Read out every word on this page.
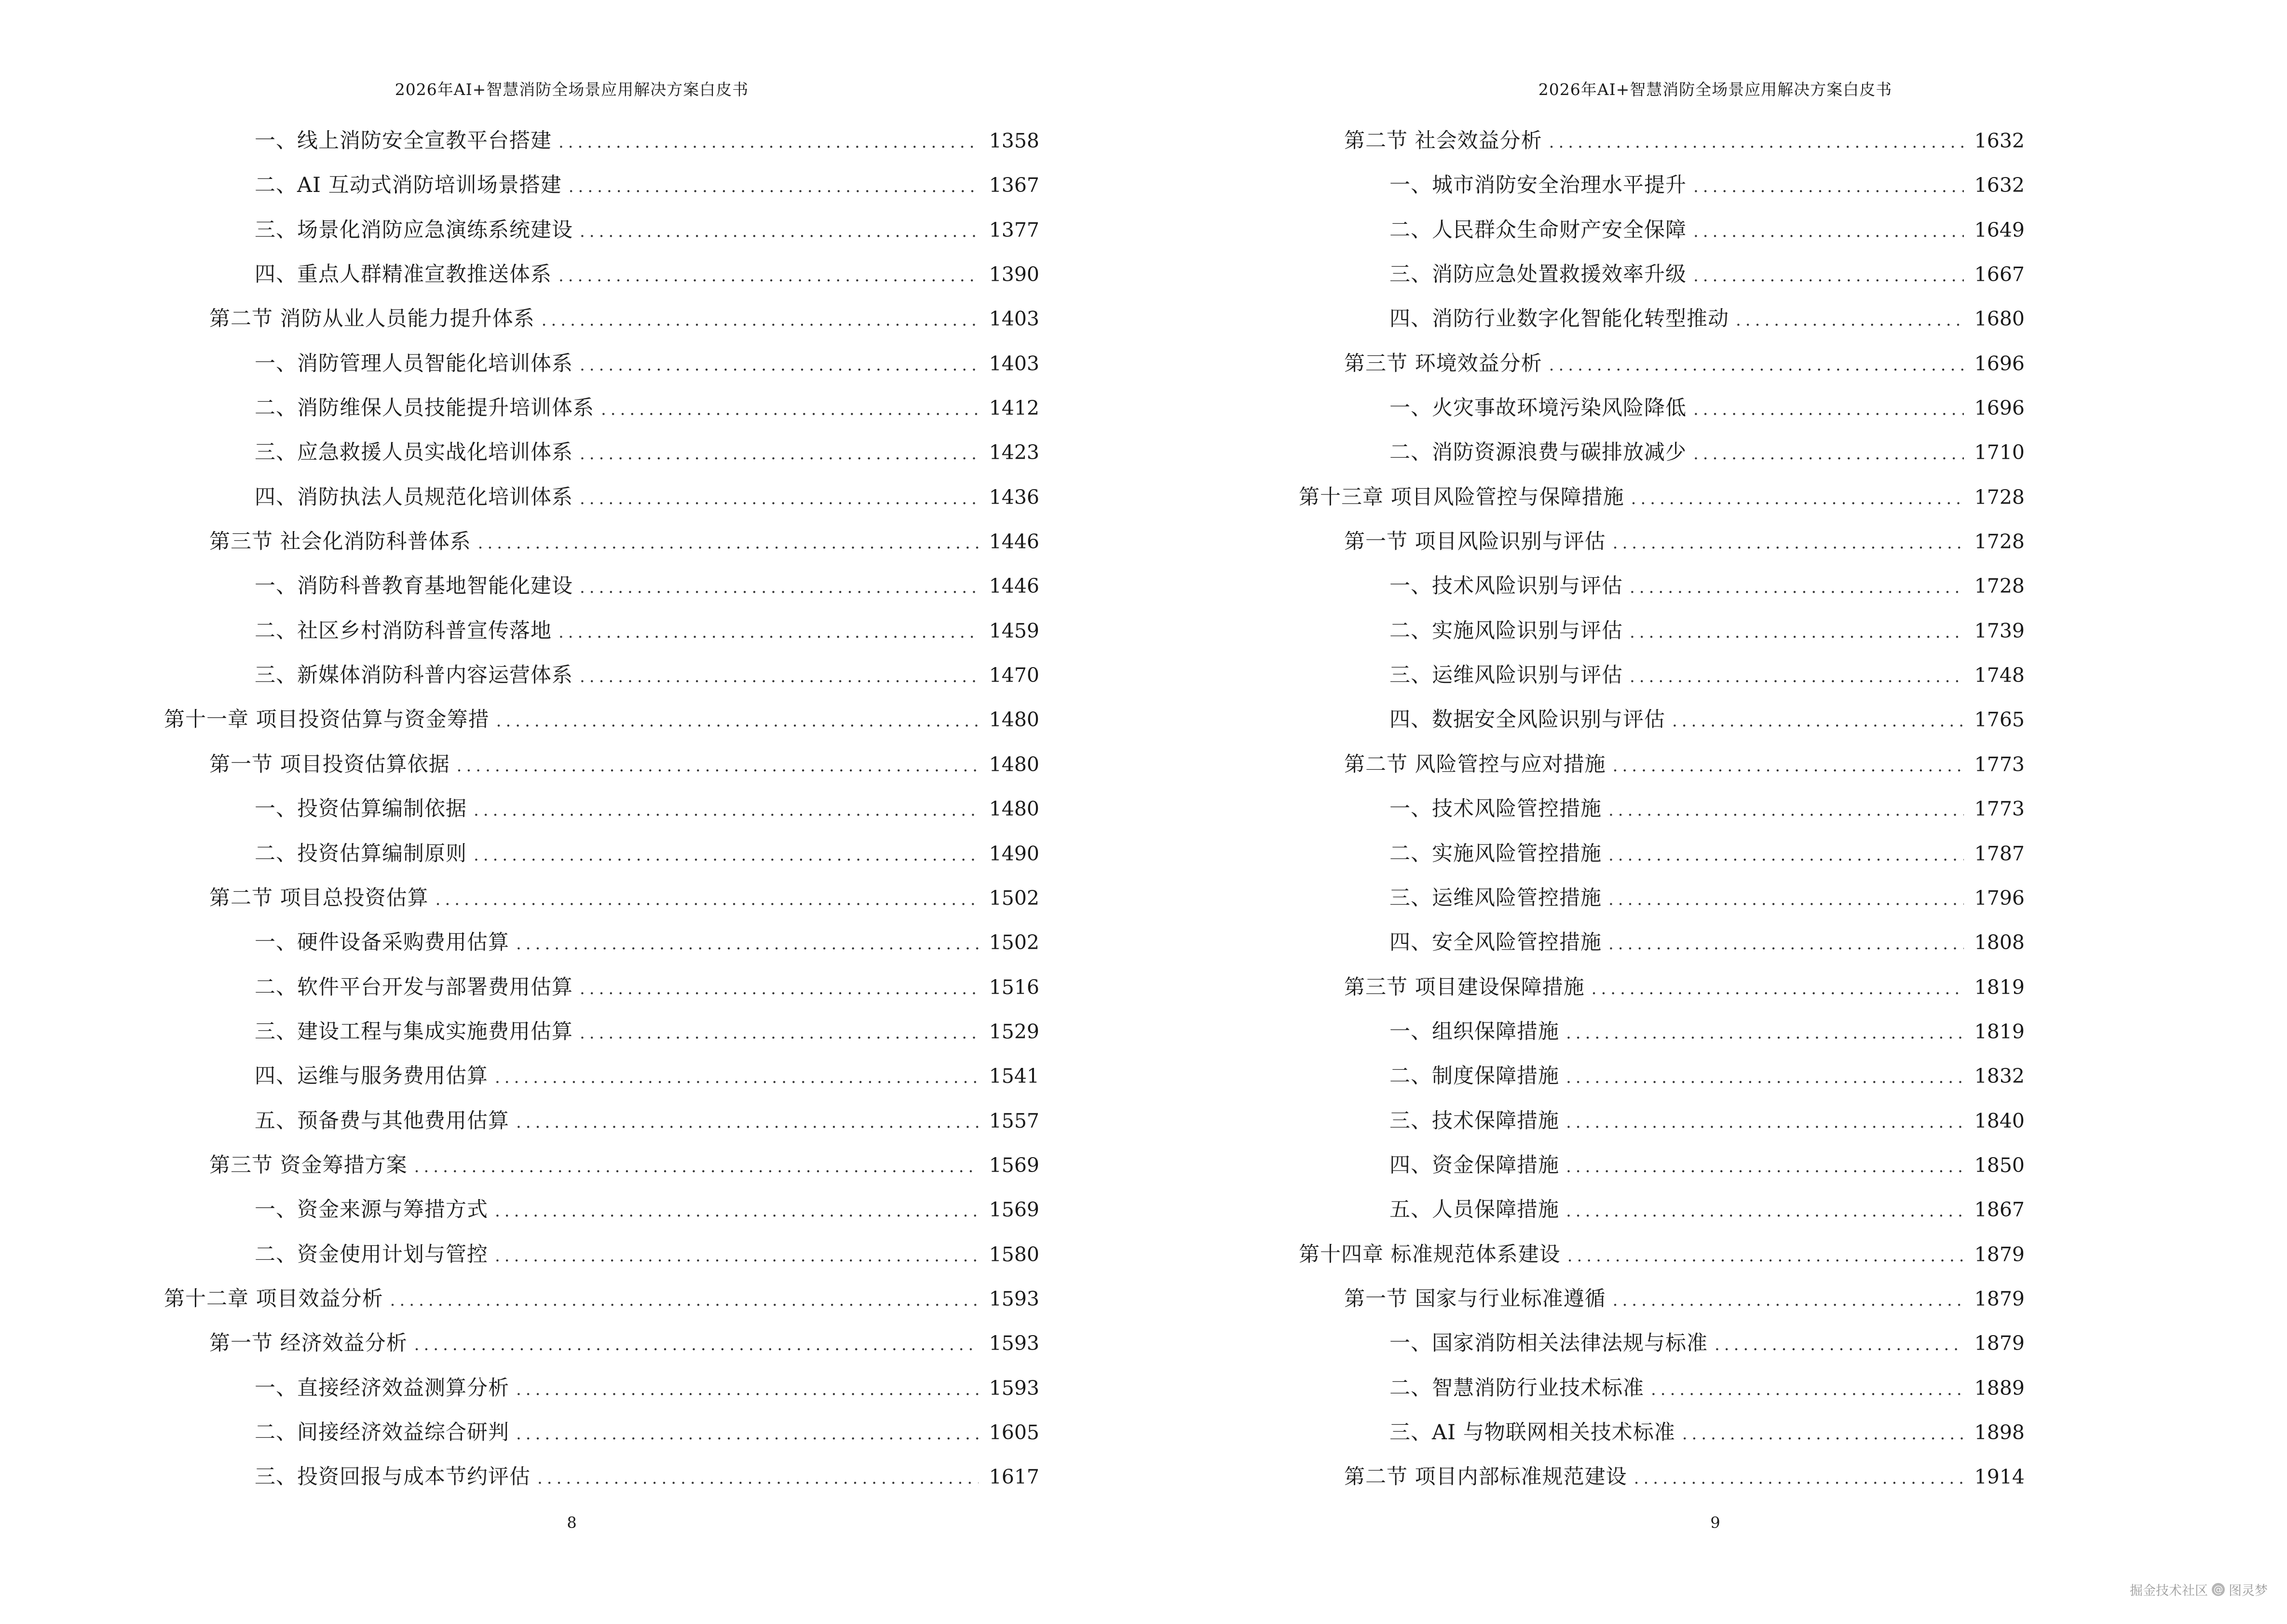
2026年AI+智慧消防全场景应用解决方案白皮书
一、线上消防安全宣教平台搭建 .....	1358
二、AI 互动式消防培训场景搭建 .....	1367
三、场景化消防应急演练系统建设 .....	1377
四、重点人群精准宣教推送体系 .....	1390
第二节 消防从业人员能力提升体系 .....	1403
一、消防管理人员智能化培训体系 .....	1403
二、消防维保人员技能提升培训体系 .....	1412
三、应急救援人员实战化培训体系 .....	1423
四、消防执法人员规范化培训体系 .....	1436
第三节 社会化消防科普体系 .....	1446
一、消防科普教育基地智能化建设 .....	1446
二、社区乡村消防科普宣传落地 .....	1459
三、新媒体消防科普内容运营体系 .....	1470
第十一章 项目投资估算与资金筹措 .....	1480
第一节 项目投资估算依据 .....	1480
一、投资估算编制依据 .....	1480
二、投资估算编制原则 .....	1490
第二节 项目总投资估算 .....	1502
一、硬件设备采购费用估算 .....	1502
二、软件平台开发与部署费用估算 .....	1516
三、建设工程与集成实施费用估算 .....	1529
四、运维与服务费用估算 .....	1541
五、预备费与其他费用估算 .....	1557
第三节 资金筹措方案 .....	1569
一、资金来源与筹措方式 .....	1569
二、资金使用计划与管控 .....	1580
第十二章 项目效益分析 .....	1593
第一节 经济效益分析 .....	1593
一、直接经济效益测算分析 .....	1593
二、间接经济效益综合研判 .....	1605
三、投资回报与成本节约评估 .....	1617
8
2026年AI+智慧消防全场景应用解决方案白皮书
第二节 社会效益分析 .....	1632
一、城市消防安全治理水平提升 .....	1632
二、人民群众生命财产安全保障 .....	1649
三、消防应急处置救援效率升级 .....	1667
四、消防行业数字化智能化转型推动 .....	1680
第三节 环境效益分析 .....	1696
一、火灾事故环境污染风险降低 .....	1696
二、消防资源浪费与碳排放减少 .....	1710
第十三章 项目风险管控与保障措施 .....	1728
第一节 项目风险识别与评估 .....	1728
一、技术风险识别与评估 .....	1728
二、实施风险识别与评估 .....	1739
三、运维风险识别与评估 .....	1748
四、数据安全风险识别与评估 .....	1765
第二节 风险管控与应对措施 .....	1773
一、技术风险管控措施 .....	1773
二、实施风险管控措施 .....	1787
三、运维风险管控措施 .....	1796
四、安全风险管控措施 .....	1808
第三节 项目建设保障措施 .....	1819
一、组织保障措施 .....	1819
二、制度保障措施 .....	1832
三、技术保障措施 .....	1840
四、资金保障措施 .....	1850
五、人员保障措施 .....	1867
第十四章 标准规范体系建设 .....	1879
第一节 国家与行业标准遵循 .....	1879
一、国家消防相关法律法规与标准 .....	1879
二、智慧消防行业技术标准 .....	1889
三、AI 与物联网相关技术标准 .....	1898
第二节 项目内部标准规范建设 .....	1914
9
掘金技术社区 @ 图灵梦
